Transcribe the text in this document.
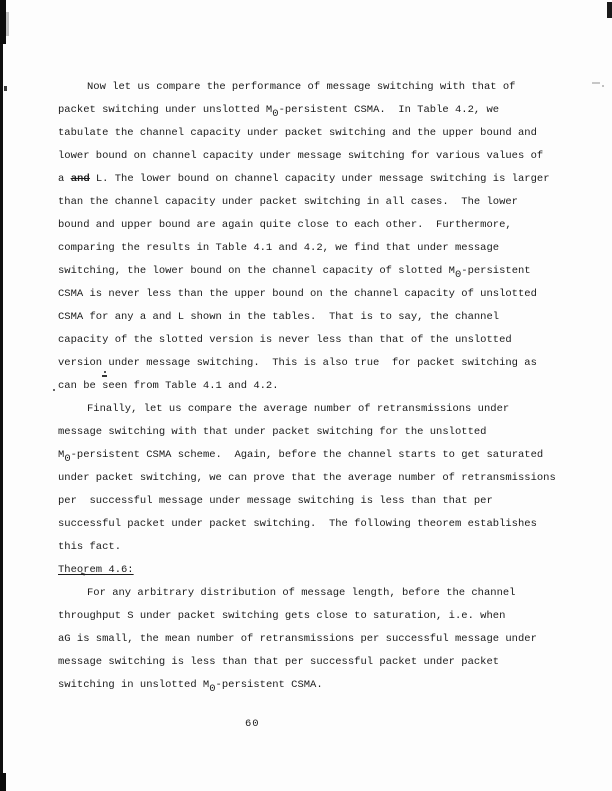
Now let us compare the performance of message switching with that of
packet switching under unslotted M0-persistent CSMA.  In Table 4.2, we
tabulate the channel capacity under packet switching and the upper bound and
lower bound on channel capacity under message switching for various values of
a and L. The lower bound on channel capacity under message switching is larger
than the channel capacity under packet switching in all cases.  The lower
bound and upper bound are again quite close to each other.  Furthermore,
comparing the results in Table 4.1 and 4.2, we find that under message
switching, the lower bound on the channel capacity of slotted M0-persistent
CSMA is never less than the upper bound on the channel capacity of unslotted
CSMA for any a and L shown in the tables.  That is to say, the channel
capacity of the slotted version is never less than that of the unslotted
version under message switching.  This is also true  for packet switching as
can be seen from Table 4.1 and 4.2.
Finally, let us compare the average number of retransmissions under
message switching with that under packet switching for the unslotted
M0-persistent CSMA scheme.  Again, before the channel starts to get saturated
under packet switching, we can prove that the average number of retransmissions
per  successful message under message switching is less than that per
successful packet under packet switching.  The following theorem establishes
this fact.
Theorem 4.6:
For any arbitrary distribution of message length, before the channel
throughput S under packet switching gets close to saturation, i.e. when
aG is small, the mean number of retransmissions per successful message under
message switching is less than that per successful packet under packet
switching in unslotted M0-persistent CSMA.
60
